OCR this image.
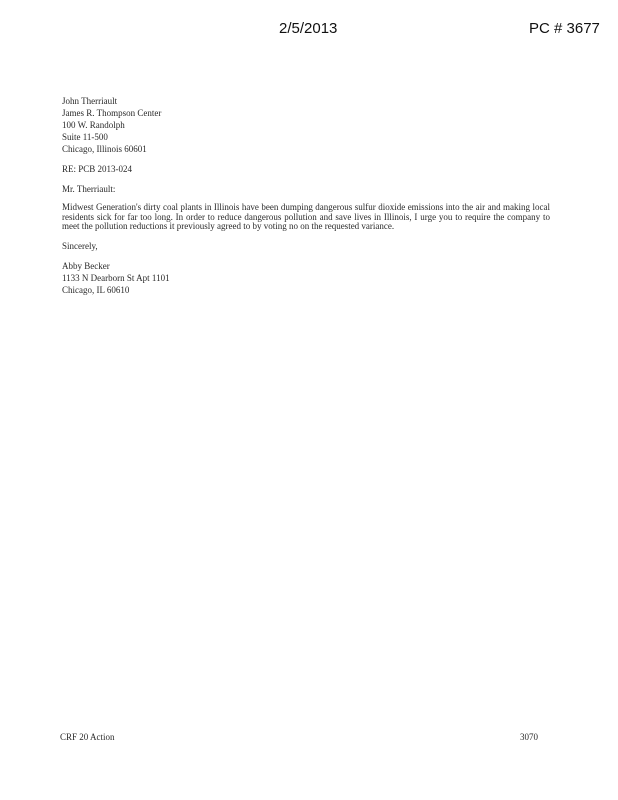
2/5/2013	PC # 3677
John Therriault
James R. Thompson Center
100 W. Randolph
Suite 11-500
Chicago, Illinois 60601
RE: PCB 2013-024
Mr. Therriault:

Midwest Generation's dirty coal plants in Illinois have been dumping dangerous sulfur dioxide emissions into the air and making local residents sick for far too long. In order to reduce dangerous pollution and save lives in Illinois, I urge you to require the company to meet the pollution reductions it previously agreed to by voting no on the requested variance.

Sincerely,
Abby Becker
1133 N Dearborn St Apt 1101
Chicago, IL 60610
CRF 20 Action	3070
